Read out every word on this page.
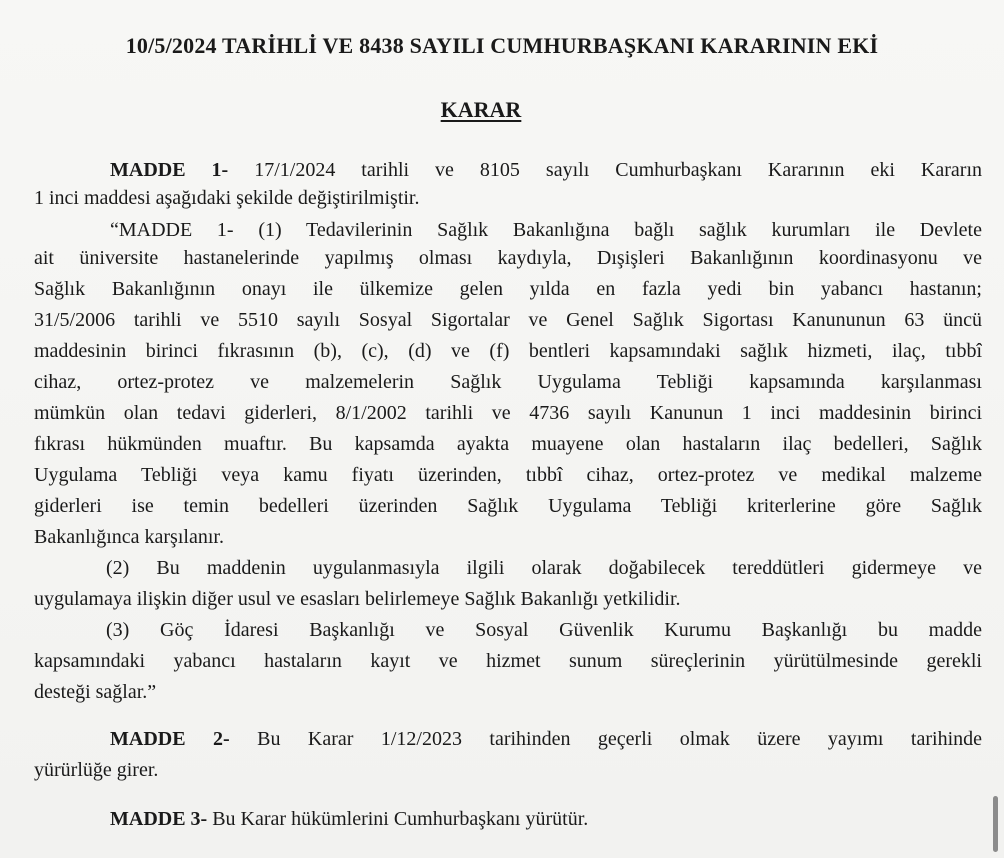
10/5/2024 TARİHLİ VE 8438 SAYILI CUMHURBAŞKANI KARARININ EKİ
KARAR
MADDE 1- 17/1/2024 tarihli ve 8105 sayılı Cumhurbaşkanı Kararının eki Kararın
1 inci maddesi aşağıdaki şekilde değiştirilmiştir.
“MADDE 1- (1) Tedavilerinin Sağlık Bakanlığına bağlı sağlık kurumları ile Devlete
ait üniversite hastanelerinde yapılmış olması kaydıyla, Dışişleri Bakanlığının koordinasyonu ve
Sağlık Bakanlığının onayı ile ülkemize gelen yılda en fazla yedi bin yabancı hastanın;
31/5/2006 tarihli ve 5510 sayılı Sosyal Sigortalar ve Genel Sağlık Sigortası Kanununun 63 üncü
maddesinin birinci fıkrasının (b), (c), (d) ve (f) bentleri kapsamındaki sağlık hizmeti, ilaç, tıbbî
cihaz, ortez-protez ve malzemelerin Sağlık Uygulama Tebliği kapsamında karşılanması
mümkün olan tedavi giderleri, 8/1/2002 tarihli ve 4736 sayılı Kanunun 1 inci maddesinin birinci
fıkrası hükmünden muaftır. Bu kapsamda ayakta muayene olan hastaların ilaç bedelleri, Sağlık
Uygulama Tebliği veya kamu fiyatı üzerinden, tıbbî cihaz, ortez-protez ve medikal malzeme
giderleri ise temin bedelleri üzerinden Sağlık Uygulama Tebliği kriterlerine göre Sağlık
Bakanlığınca karşılanır.
(2) Bu maddenin uygulanmasıyla ilgili olarak doğabilecek tereddütleri gidermeye ve
uygulamaya ilişkin diğer usul ve esasları belirlemeye Sağlık Bakanlığı yetkilidir.
(3) Göç İdaresi Başkanlığı ve Sosyal Güvenlik Kurumu Başkanlığı bu madde
kapsamındaki yabancı hastaların kayıt ve hizmet sunum süreçlerinin yürütülmesinde gerekli
desteği sağlar.”
MADDE 2- Bu Karar 1/12/2023 tarihinden geçerli olmak üzere yayımı tarihinde
yürürlüğe girer.
MADDE 3- Bu Karar hükümlerini Cumhurbaşkanı yürütür.
